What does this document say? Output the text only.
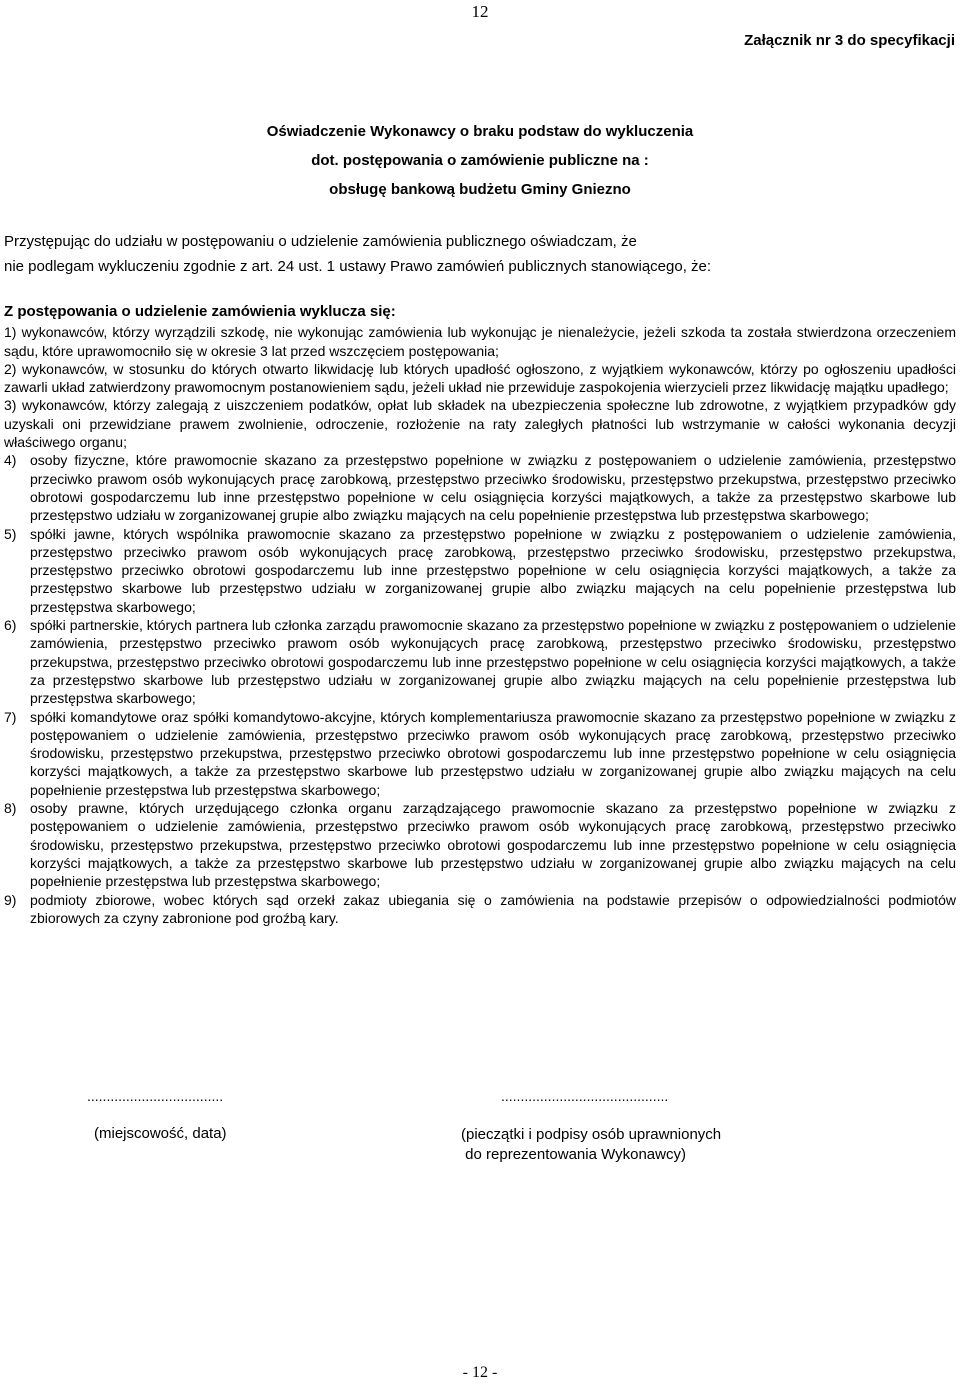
12
Załącznik nr 3 do specyfikacji
Oświadczenie Wykonawcy o braku podstaw do wykluczenia
dot. postępowania o zamówienie publiczne na :
obsługę bankową budżetu Gminy Gniezno
Przystępując do udziału w postępowaniu o udzielenie zamówienia publicznego oświadczam, że
nie podlegam wykluczeniu zgodnie z art. 24 ust. 1 ustawy Prawo zamówień publicznych stanowiącego, że:
Z postępowania o udzielenie zamówienia wyklucza się:
1) wykonawców, którzy wyrządzili szkodę, nie wykonując zamówienia lub wykonując je nienależycie, jeżeli szkoda ta została stwierdzona orzeczeniem sądu, które uprawomocniło się w okresie 3 lat przed wszczęciem postępowania;
2) wykonawców, w stosunku do których otwarto likwidację lub których upadłość ogłoszono, z wyjątkiem wykonawców, którzy po ogłoszeniu upadłości zawarli układ zatwierdzony prawomocnym postanowieniem sądu, jeżeli układ nie przewiduje zaspokojenia wierzycieli przez likwidację majątku upadłego;
3) wykonawców, którzy zalegają z uiszczeniem podatków, opłat lub składek na ubezpieczenia społeczne lub zdrowotne, z wyjątkiem przypadków gdy uzyskali oni przewidziane prawem zwolnienie, odroczenie, rozłożenie na raty zaległych płatności lub wstrzymanie w całości wykonania decyzji właściwego organu;
4) osoby fizyczne, które prawomocnie skazano za przestępstwo popełnione w związku z postępowaniem o udzielenie zamówienia, przestępstwo przeciwko prawom osób wykonujących pracę zarobkową, przestępstwo przeciwko środowisku, przestępstwo przekupstwa, przestępstwo przeciwko obrotowi gospodarczemu lub inne przestępstwo popełnione w celu osiągnięcia korzyści majątkowych, a także za przestępstwo skarbowe lub przestępstwo udziału w zorganizowanej grupie albo związku mających na celu popełnienie przestępstwa lub przestępstwa skarbowego;
5) spółki jawne, których wspólnika prawomocnie skazano za przestępstwo popełnione w związku z postępowaniem o udzielenie zamówienia, przestępstwo przeciwko prawom osób wykonujących pracę zarobkową, przestępstwo przeciwko środowisku, przestępstwo przekupstwa, przestępstwo przeciwko obrotowi gospodarczemu lub inne przestępstwo popełnione w celu osiągnięcia korzyści majątkowych, a także za przestępstwo skarbowe lub przestępstwo udziału w zorganizowanej grupie albo związku mających na celu popełnienie przestępstwa lub przestępstwa skarbowego;
6) spółki partnerskie, których partnera lub członka zarządu prawomocnie skazano za przestępstwo popełnione w związku z postępowaniem o udzielenie zamówienia, przestępstwo przeciwko prawom osób wykonujących pracę zarobkową, przestępstwo przeciwko środowisku, przestępstwo przekupstwa, przestępstwo przeciwko obrotowi gospodarczemu lub inne przestępstwo popełnione w celu osiągnięcia korzyści majątkowych, a także za przestępstwo skarbowe lub przestępstwo udziału w zorganizowanej grupie albo związku mających na celu popełnienie przestępstwa lub przestępstwa skarbowego;
7) spółki komandytowe oraz spółki komandytowo-akcyjne, których komplementariusza prawomocnie skazano za przestępstwo popełnione w związku z postępowaniem o udzielenie zamówienia, przestępstwo przeciwko prawom osób wykonujących pracę zarobkową, przestępstwo przeciwko środowisku, przestępstwo przekupstwa, przestępstwo przeciwko obrotowi gospodarczemu lub inne przestępstwo popełnione w celu osiągnięcia korzyści majątkowych, a także za przestępstwo skarbowe lub przestępstwo udziału w zorganizowanej grupie albo związku mających na celu popełnienie przestępstwa lub przestępstwa skarbowego;
8) osoby prawne, których urzędującego członka organu zarządzającego prawomocnie skazano za przestępstwo popełnione w związku z postępowaniem o udzielenie zamówienia, przestępstwo przeciwko prawom osób wykonujących pracę zarobkową, przestępstwo przeciwko środowisku, przestępstwo przekupstwa, przestępstwo przeciwko obrotowi gospodarczemu lub inne przestępstwo popełnione w celu osiągnięcia korzyści majątkowych, a także za przestępstwo skarbowe lub przestępstwo udziału w zorganizowanej grupie albo związku mających na celu popełnienie przestępstwa lub przestępstwa skarbowego;
9) podmioty zbiorowe, wobec których sąd orzekł zakaz ubiegania się o zamówienia na podstawie przepisów o odpowiedzialności podmiotów zbiorowych za czyny zabronione pod groźbą kary.
...................................	...........................................
(miejscowość, data)	(pieczątki i podpisy osób uprawnionych
do reprezentowania Wykonawcy)
- 12 -
